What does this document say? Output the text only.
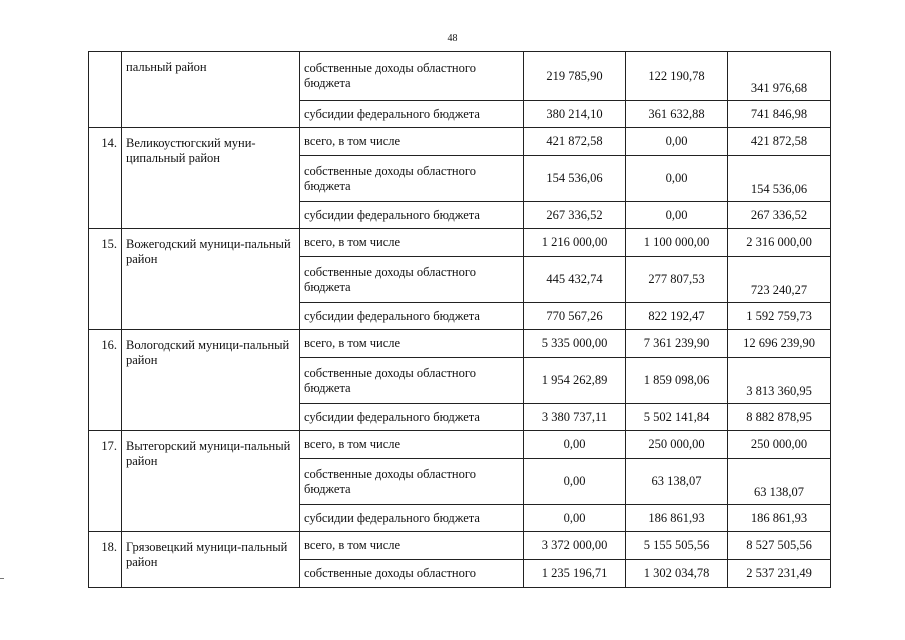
48
	пальный район	собственные доходы областного бюджета	219 785,90	122 190,78	341 976,68
		субсидии федерального бюджета	380 214,10	361 632,88	741 846,98
14.	Великоустюгский муни-ципальный район	всего, в том числе	421 872,58	0,00	421 872,58
		собственные доходы областного бюджета	154 536,06	0,00	154 536,06
		субсидии федерального бюджета	267 336,52	0,00	267 336,52
15.	Вожегодский муници-пальный район	всего, в том числе	1 216 000,00	1 100 000,00	2 316 000,00
		собственные доходы областного бюджета	445 432,74	277 807,53	723 240,27
		субсидии федерального бюджета	770 567,26	822 192,47	1 592 759,73
16.	Вологодский муници-пальный район	всего, в том числе	5 335 000,00	7 361 239,90	12 696 239,90
		собственные доходы областного бюджета	1 954 262,89	1 859 098,06	3 813 360,95
		субсидии федерального бюджета	3 380 737,11	5 502 141,84	8 882 878,95
17.	Вытегорский муници-пальный район	всего, в том числе	0,00	250 000,00	250 000,00
		собственные доходы областного бюджета	0,00	63 138,07	63 138,07
		субсидии федерального бюджета	0,00	186 861,93	186 861,93
18.	Грязовецкий муници-пальный район	всего, в том числе	3 372 000,00	5 155 505,56	8 527 505,56
		собственные доходы областного	1 235 196,71	1 302 034,78	2 537 231,49
